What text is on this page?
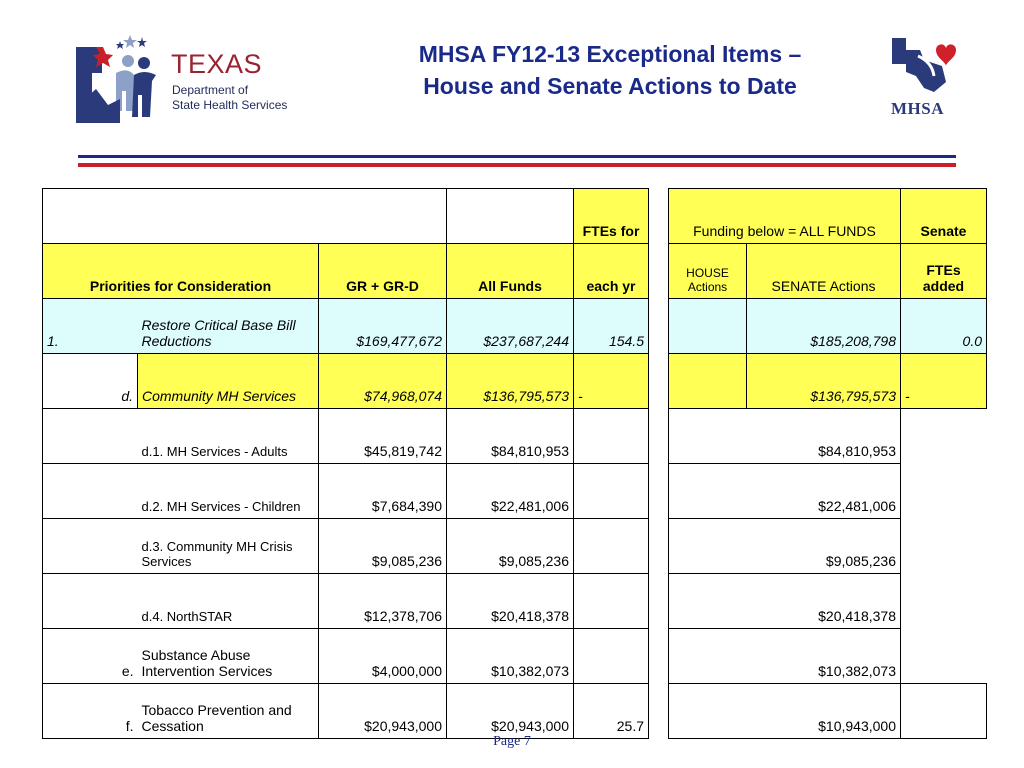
TEXAS
Department of
State Health Services
MHSA FY12-13 Exceptional Items –
House and Senate Actions to Date
MHSA
				FTEs for		Funding below = ALL FUNDS		Senate
Priorities for Consideration		GR + GR-D	All Funds	each yr		HOUSE Actions	SENATE Actions	FTEs added
1.	Restore Critical Base Bill Reductions	$169,477,672	$237,687,244	154.5			$185,208,798	0.0
d.	Community MH Services	$74,968,074	$136,795,573	-			$136,795,573	-
	d.1. MH Services - Adults	$45,819,742	$84,810,953				$84,810,953	
	d.2. MH Services - Children	$7,684,390	$22,481,006				$22,481,006	
	d.3. Community MH Crisis Services	$9,085,236	$9,085,236				$9,085,236	
	d.4. NorthSTAR	$12,378,706	$20,418,378				$20,418,378	
e.	Substance Abuse Intervention Services	$4,000,000	$10,382,073				$10,382,073	
f.	Tobacco Prevention and Cessation	$20,943,000	$20,943,000	25.7			$10,943,000	
Page 7
